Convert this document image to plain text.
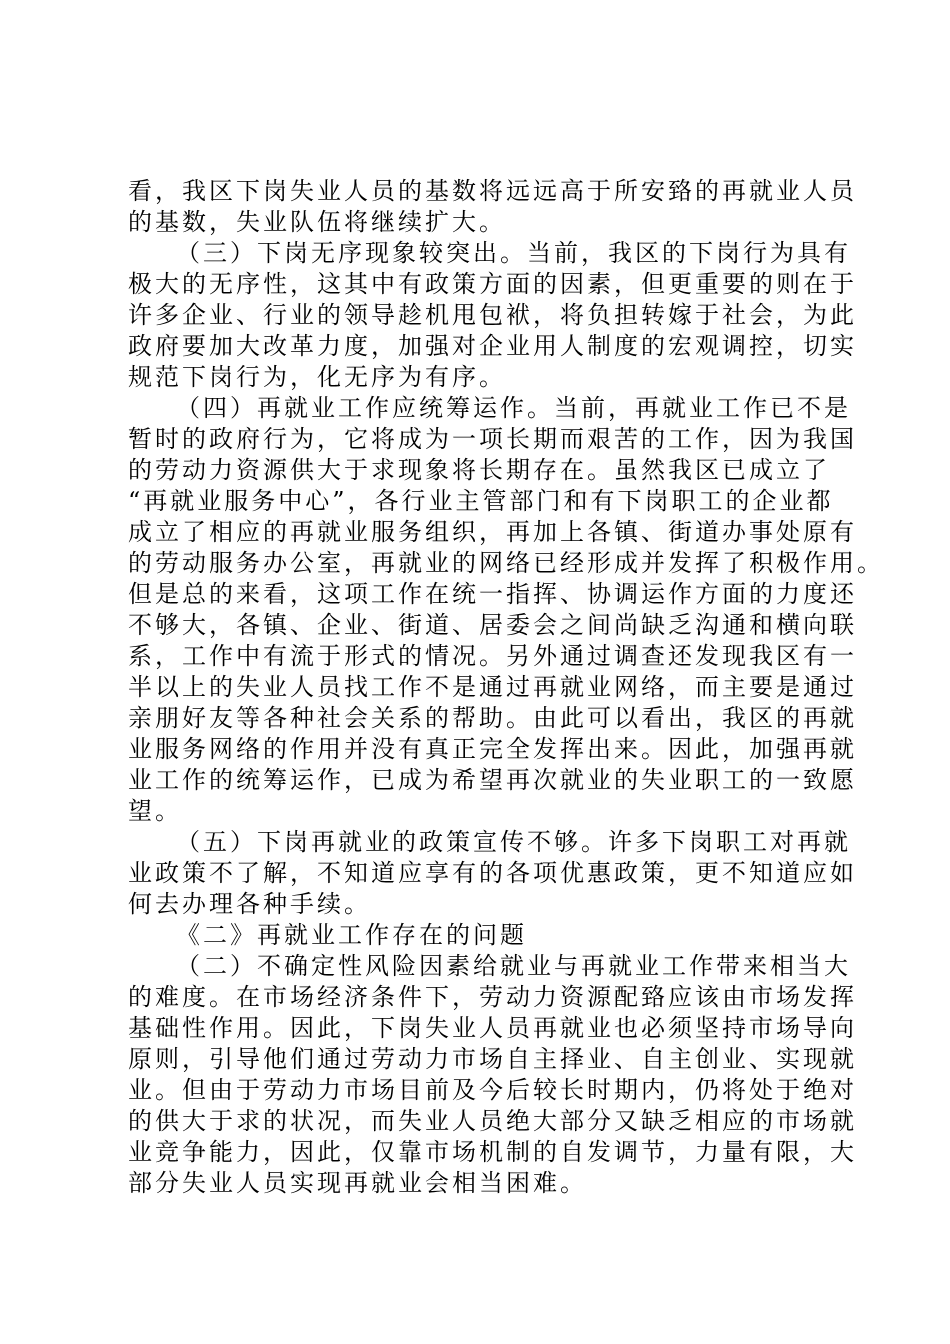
看，我区下岗失业人员的基数将远远高于所安臵的再就业人员
的基数，失业队伍将继续扩大。
（三）下岗无序现象较突出。当前，我区的下岗行为具有
极大的无序性，这其中有政策方面的因素，但更重要的则在于
许多企业、行业的领导趁机甩包袱，将负担转嫁于社会，为此
政府要加大改革力度，加强对企业用人制度的宏观调控，切实
规范下岗行为，化无序为有序。
（四）再就业工作应统筹运作。当前，再就业工作已不是
暂时的政府行为，它将成为一项长期而艰苦的工作，因为我国
的劳动力资源供大于求现象将长期存在。虽然我区已成立了
“再就业服务中心”，各行业主管部门和有下岗职工的企业都
成立了相应的再就业服务组织，再加上各镇、街道办事处原有
的劳动服务办公室，再就业的网络已经形成并发挥了积极作用。
但是总的来看，这项工作在统一指挥、协调运作方面的力度还
不够大，各镇、企业、街道、居委会之间尚缺乏沟通和横向联
系，工作中有流于形式的情况。另外通过调查还发现我区有一
半以上的失业人员找工作不是通过再就业网络，而主要是通过
亲朋好友等各种社会关系的帮助。由此可以看出，我区的再就
业服务网络的作用并没有真正完全发挥出来。因此，加强再就
业工作的统筹运作，已成为希望再次就业的失业职工的一致愿
望。
（五）下岗再就业的政策宣传不够。许多下岗职工对再就
业政策不了解，不知道应享有的各项优惠政策，更不知道应如
何去办理各种手续。
《二》再就业工作存在的问题
（二）不确定性风险因素给就业与再就业工作带来相当大
的难度。在市场经济条件下，劳动力资源配臵应该由市场发挥
基础性作用。因此，下岗失业人员再就业也必须坚持市场导向
原则，引导他们通过劳动力市场自主择业、自主创业、实现就
业。但由于劳动力市场目前及今后较长时期内，仍将处于绝对
的供大于求的状况，而失业人员绝大部分又缺乏相应的市场就
业竞争能力，因此，仅靠市场机制的自发调节，力量有限，大
部分失业人员实现再就业会相当困难。
